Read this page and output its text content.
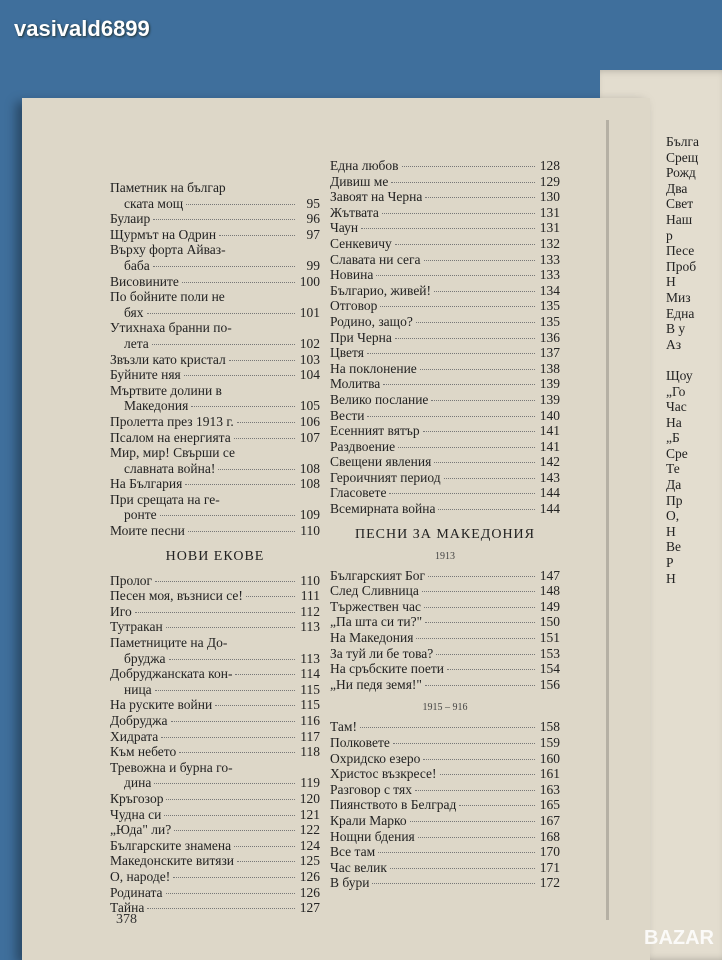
vasivald6899
Паметник на българ
ската мощ	95
Булаир	96
Щурмът на Одрин	97
Върху форта Айваз-
баба	99
Висовините	100
По бойните поли не
бях	101
Утихнаха бранни по-
лета	102
Звъзли като кристал	103
Буйните няя	104
Мъртвите долини в
Македония	105
Пролетта през 1913 г.	106
Псалом на енергията	107
Мир, мир! Свърши се
славната война!	108
На България	108
При срещата на ге-
ронте	109
Моите песни	110
НОВИ ЕКОВЕ
Пролог	110
Песен моя, възниси се!	111
Иго	112
Тутракан	113
Паметниците на До-
бруджа	113
Добруджанската кон-	114
ница	115
На руските войни	115
Добруджа	116
Хидрата	117
Към небето	118
Тревожна и бурна го-
дина	119
Кръгозор	120
Чудна си	121
„Юда" ли?	122
Българските знамена	124
Македонските витязи	125
О, народе!	126
Родината	126
Тайна	127
Една любов	128
Дивиш ме	129
Завоят на Черна	130
Жътвата	131
Чаун	131
Сенкевичу	132
Славата ни сега	133
Новина	133
Българио, живей!	134
Отговор	135
Родино, защо?	135
При Черна	136
Цветя	137
На поклонение	138
Молитва	139
Велико послание	139
Вести	140
Есенният вятър	141
Раздвоение	141
Свещени явления	142
Героичният период	143
Гласовете	144
Всемирната война	144
ПЕСНИ ЗА МАКЕДОНИЯ
1913
Българският Бог	147
След Сливница	148
Тържествен час	149
„Па шта си ти?"	150
На Македония	151
За туй ли бе това?	153
На сръбските поети	154
„Ни педя земя!"	156
1915 – 916
Там!	158
Полковете	159
Охридско езеро	160
Христос възкресе!	161
Разговор с тях	163
Пиянството в Белград	165
Крали Марко	167
Нощни бдения	168
Все там	170
Час велик	171
В бури	172
Бълга
Срещ
Рожд
Два
Свет
Наш
р
Песе
Проб
Н
Миз
Една
В у
Аз

Щоу
„Го
Час
На
„Б
Сре
Те
Да
Пр
О,
Н
Ве
Р
Н
378
BAZAR
